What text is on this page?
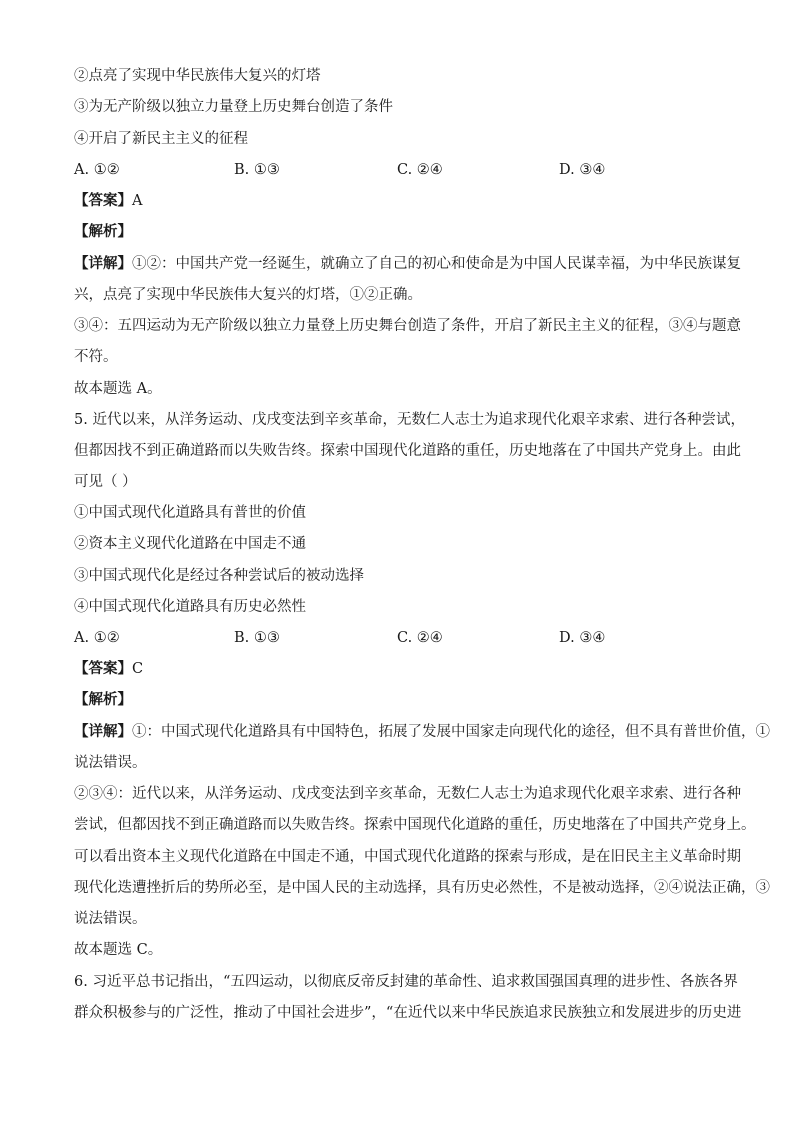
②点亮了实现中华民族伟大复兴的灯塔
③为无产阶级以独立力量登上历史舞台创造了条件
④开启了新民主主义的征程
A. ①②	B. ①③	C. ②④	D. ③④
【答案】A
【解析】
【详解】①②：中国共产党一经诞生，就确立了自己的初心和使命是为中国人民谋幸福，为中华民族谋复
兴，点亮了实现中华民族伟大复兴的灯塔，①②正确。
③④：五四运动为无产阶级以独立力量登上历史舞台创造了条件，开启了新民主主义的征程，③④与题意
不符。
故本题选 A。
5. 近代以来，从洋务运动、戊戌变法到辛亥革命，无数仁人志士为追求现代化艰辛求索、进行各种尝试，
但都因找不到正确道路而以失败告终。探索中国现代化道路的重任，历史地落在了中国共产党身上。由此
可见（ ）
①中国式现代化道路具有普世的价值
②资本主义现代化道路在中国走不通
③中国式现代化是经过各种尝试后的被动选择
④中国式现代化道路具有历史必然性
A. ①②	B. ①③	C. ②④	D. ③④
【答案】C
【解析】
【详解】①：中国式现代化道路具有中国特色，拓展了发展中国家走向现代化的途径，但不具有普世价值，①
说法错误。
②③④：近代以来，从洋务运动、戊戌变法到辛亥革命，无数仁人志士为追求现代化艰辛求索、进行各种
尝试，但都因找不到正确道路而以失败告终。探索中国现代化道路的重任，历史地落在了中国共产党身上。
可以看出资本主义现代化道路在中国走不通，中国式现代化道路的探索与形成，是在旧民主主义革命时期
现代化迭遭挫折后的势所必至，是中国人民的主动选择，具有历史必然性，不是被动选择，②④说法正确，③
说法错误。
故本题选 C。
6. 习近平总书记指出，“五四运动，以彻底反帝反封建的革命性、追求救国强国真理的进步性、各族各界
群众积极参与的广泛性，推动了中国社会进步”，“在近代以来中华民族追求民族独立和发展进步的历史进
